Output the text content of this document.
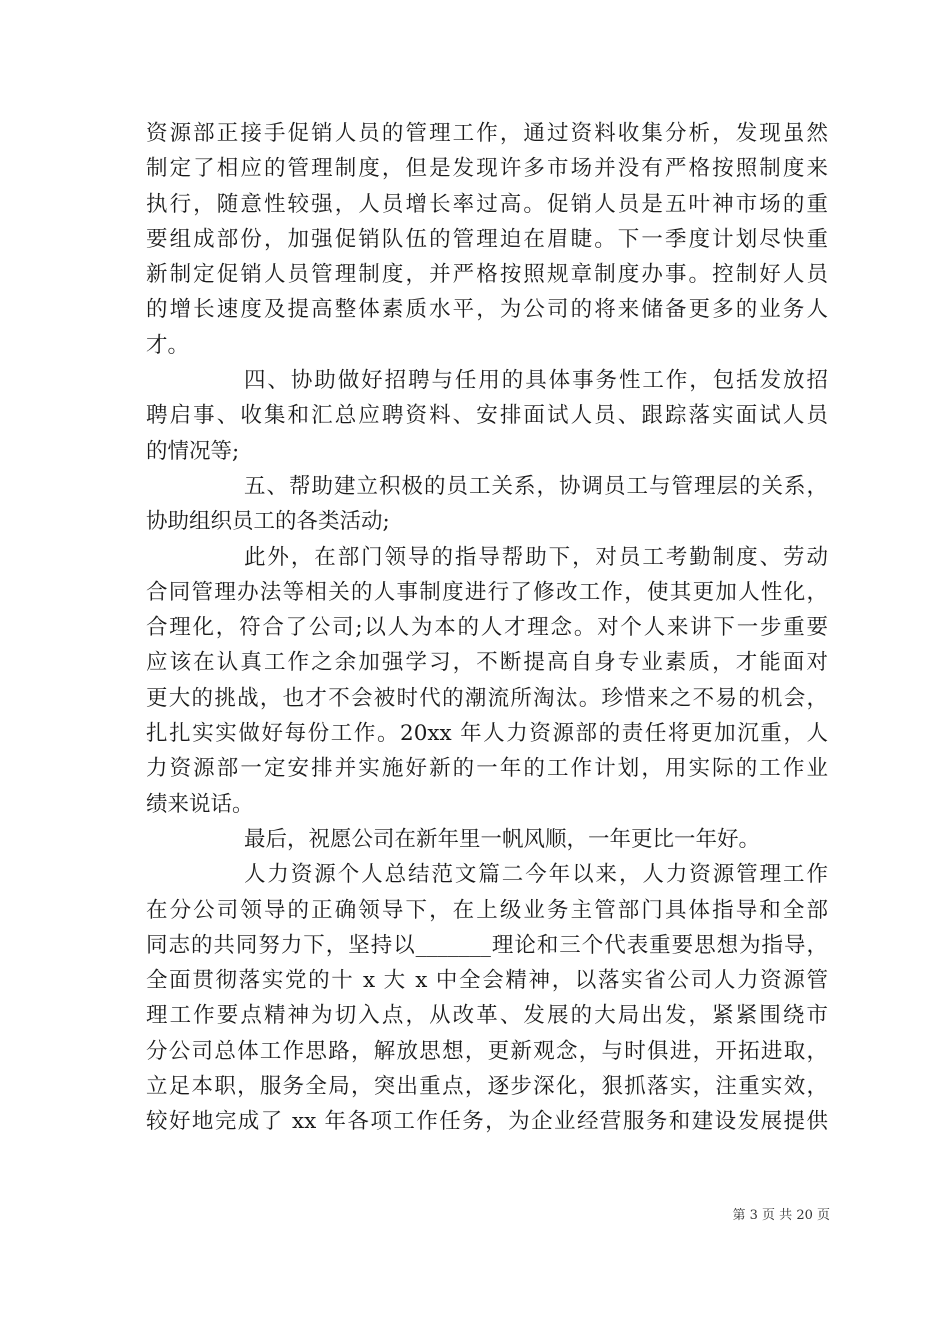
资源部正接手促销人员的管理工作，通过资料收集分析，发现虽然
制定了相应的管理制度，但是发现许多市场并没有严格按照制度来
执行，随意性较强，人员增长率过高。促销人员是五叶神市场的重
要组成部份，加强促销队伍的管理迫在眉睫。下一季度计划尽快重
新制定促销人员管理制度，并严格按照规章制度办事。控制好人员
的增长速度及提高整体素质水平，为公司的将来储备更多的业务人
才。
四、协助做好招聘与任用的具体事务性工作，包括发放招
聘启事、收集和汇总应聘资料、安排面试人员、跟踪落实面试人员
的情况等;
五、帮助建立积极的员工关系，协调员工与管理层的关系，
协助组织员工的各类活动;
此外，在部门领导的指导帮助下，对员工考勤制度、劳动
合同管理办法等相关的人事制度进行了修改工作，使其更加人性化，
合理化，符合了公司;以人为本的人才理念。对个人来讲下一步重要
应该在认真工作之余加强学习，不断提高自身专业素质，才能面对
更大的挑战，也才不会被时代的潮流所淘汰。珍惜来之不易的机会，
扎扎实实做好每份工作。20xx 年人力资源部的责任将更加沉重，人
力资源部一定安排并实施好新的一年的工作计划，用实际的工作业
绩来说话。
最后，祝愿公司在新年里一帆风顺，一年更比一年好。
人力资源个人总结范文篇二今年以来，人力资源管理工作
在分公司领导的正确领导下，在上级业务主管部门具体指导和全部
同志的共同努力下，坚持以_______理论和三个代表重要思想为指导，
全面贯彻落实党的十 x 大 x 中全会精神，以落实省公司人力资源管
理工作要点精神为切入点，从改革、发展的大局出发，紧紧围绕市
分公司总体工作思路，解放思想，更新观念，与时俱进，开拓进取，
立足本职，服务全局，突出重点，逐步深化，狠抓落实，注重实效，
较好地完成了 xx 年各项工作任务，为企业经营服务和建设发展提供
第 3 页 共 20 页
